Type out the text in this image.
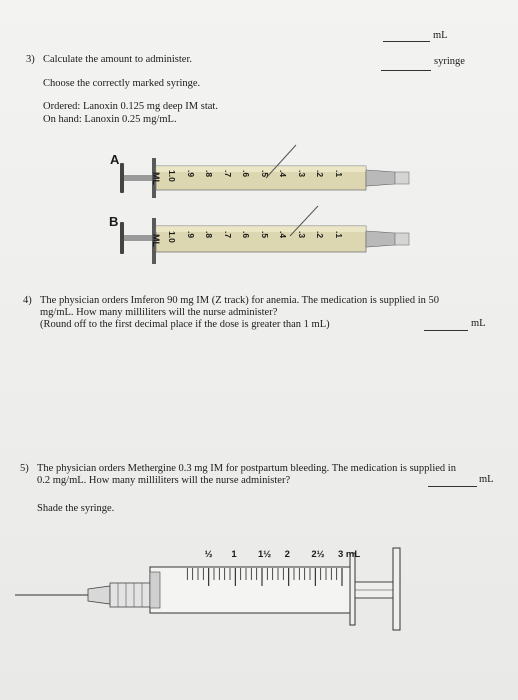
mL
syringe
3) Calculate the amount to administer.
Choose the correctly marked syringe.
Ordered: Lanoxin 0.125 mg deep IM stat.
On hand: Lanoxin 0.25 mg/mL.
A
ML 1.0 .9 .8 .7 .6 .5 .4 .3 .2 .1
B
ML 1.0 .9 .8 .7 .6 .5 .4 .3 .2 .1
4) The physician orders Imferon 90 mg IM (Z track) for anemia. The medication is supplied in 50
mg/mL. How many milliliters will the nurse administer?
(Round off to the first decimal place if the dose is greater than 1 mL)	mL
5) The physician orders Methergine 0.3 mg IM for postpartum bleeding. The medication is supplied in
0.2 mg/mL. How many milliliters will the nurse administer?	mL
Shade the syringe.
½ 1 1½ 2 2½ 3 mL
